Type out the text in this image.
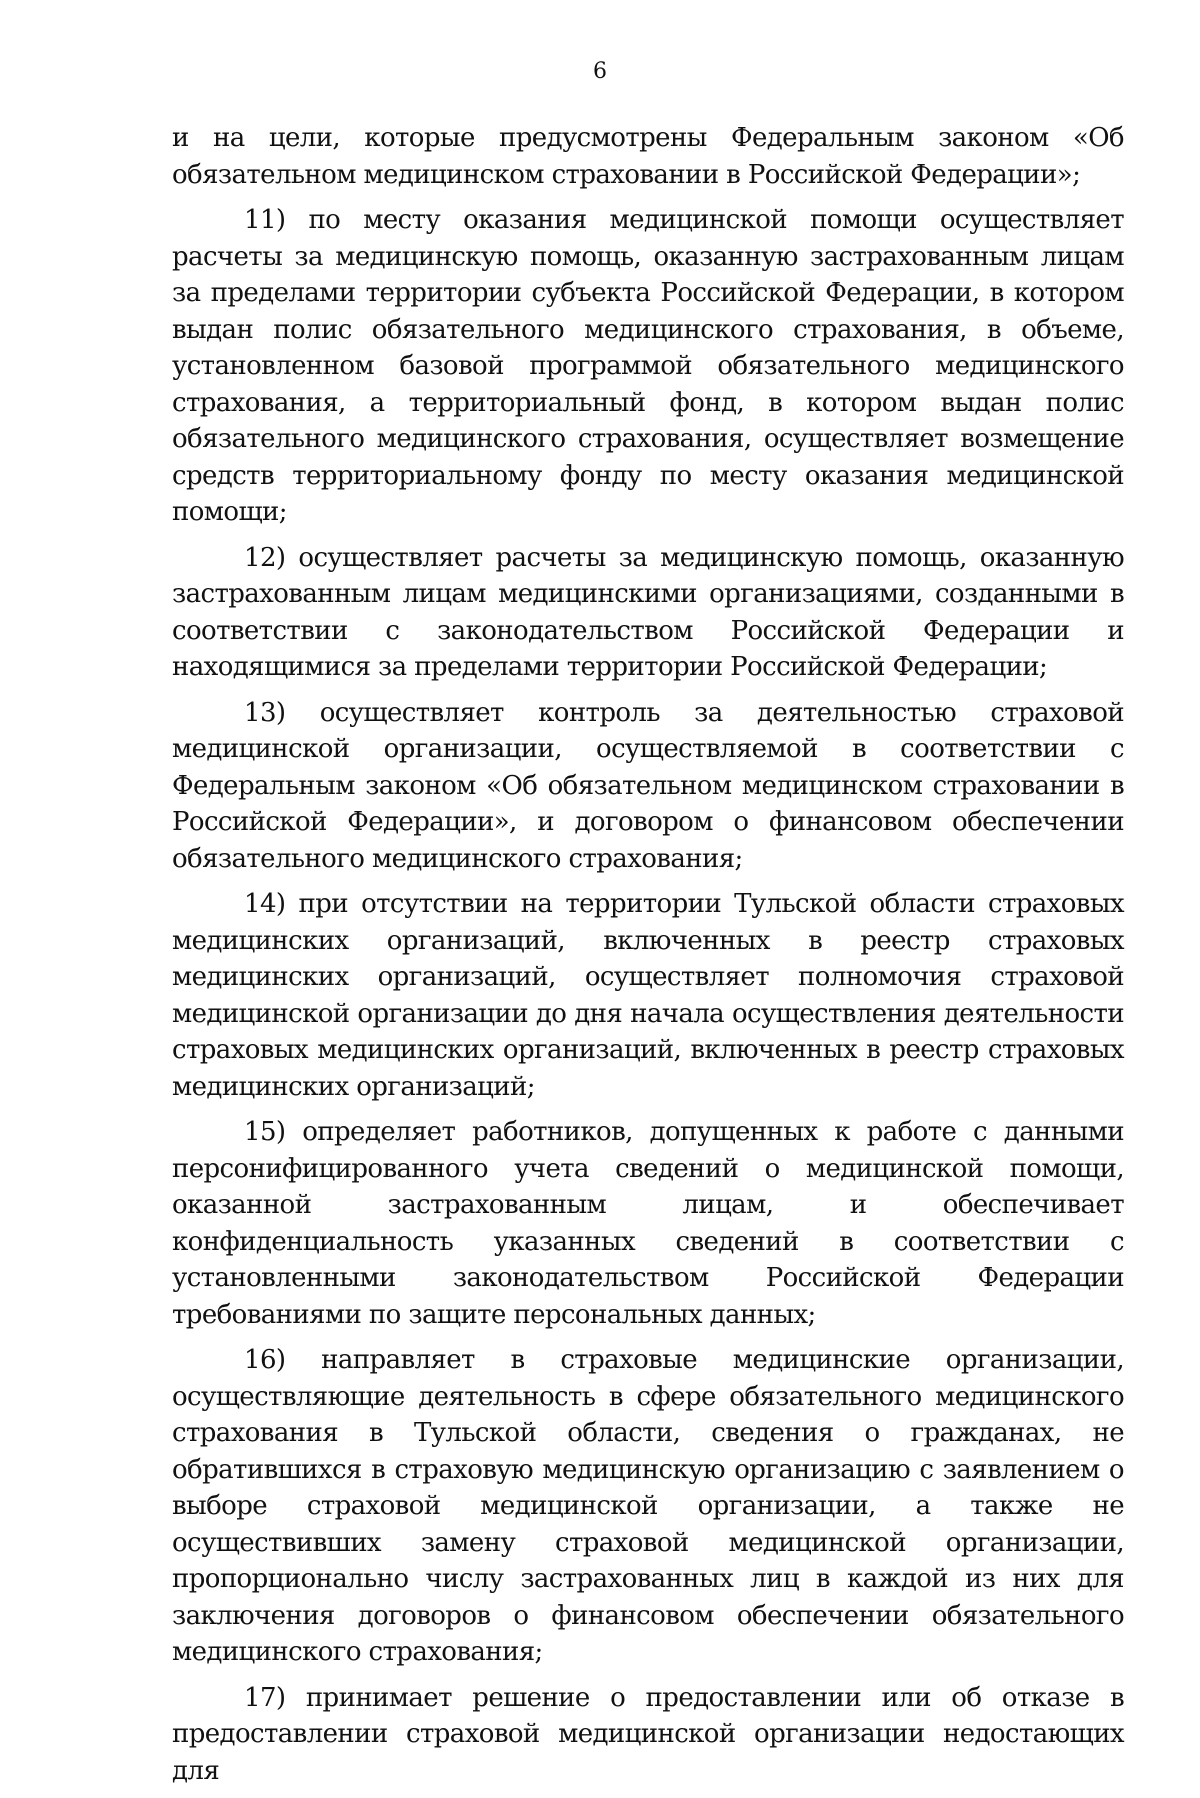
6

и на цели, которые предусмотрены Федеральным законом «Об обязательном медицинском страховании в Российской Федерации»;

11) по месту оказания медицинской помощи осуществляет расчеты за медицинскую помощь, оказанную застрахованным лицам за пределами территории субъекта Российской Федерации, в котором выдан полис обязательного медицинского страхования, в объеме, установленном базовой программой обязательного медицинского страхования, а территориальный фонд, в котором выдан полис обязательного медицинского страхования, осуществляет возмещение средств территориальному фонду по месту оказания медицинской помощи;

12) осуществляет расчеты за медицинскую помощь, оказанную застрахованным лицам медицинскими организациями, созданными в соответствии с законодательством Российской Федерации и находящимися за пределами территории Российской Федерации;

13) осуществляет контроль за деятельностью страховой медицинской организации, осуществляемой в соответствии с Федеральным законом «Об обязательном медицинском страховании в Российской Федерации», и договором о финансовом обеспечении обязательного медицинского страхования;

14) при отсутствии на территории Тульской области страховых медицинских организаций, включенных в реестр страховых медицинских организаций, осуществляет полномочия страховой медицинской организации до дня начала осуществления деятельности страховых медицинских организаций, включенных в реестр страховых медицинских организаций;

15) определяет работников, допущенных к работе с данными персонифицированного учета сведений о медицинской помощи, оказанной застрахованным лицам, и обеспечивает конфиденциальность указанных сведений в соответствии с установленными законодательством Российской Федерации требованиями по защите персональных данных;

16) направляет в страховые медицинские организации, осуществляющие деятельность в сфере обязательного медицинского страхования в Тульской области, сведения о гражданах, не обратившихся в страховую медицинскую организацию с заявлением о выборе страховой медицинской организации, а также не осуществивших замену страховой медицинской организации, пропорционально числу застрахованных лиц в каждой из них для заключения договоров о финансовом обеспечении обязательного медицинского страхования;

17) принимает решение о предоставлении или об отказе в предоставлении страховой медицинской организации недостающих для
